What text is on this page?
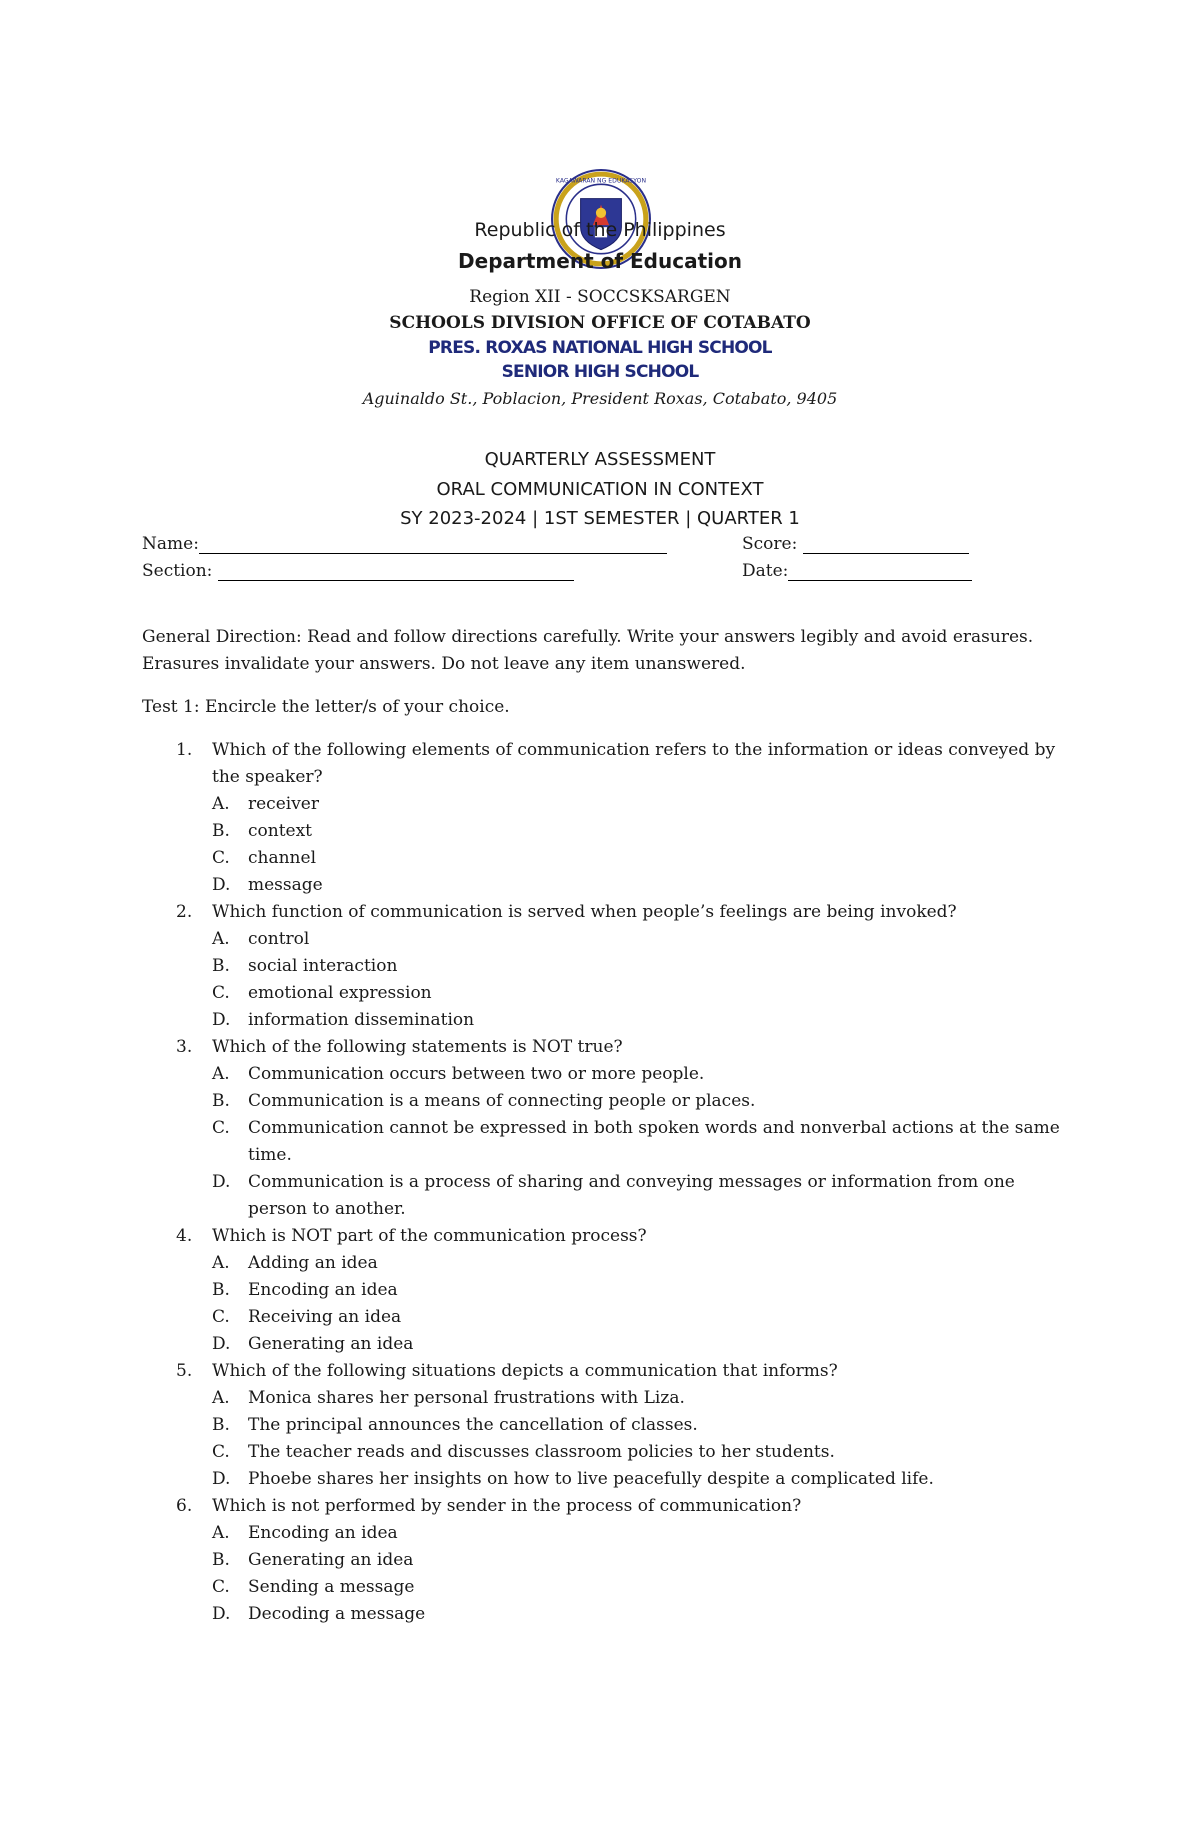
KAGAWARAN NG EDUKASYON
Republic of the Philippines
Department of Education
Region XII - SOCCSKSARGEN
SCHOOLS DIVISION OFFICE OF COTABATO
PRES. ROXAS NATIONAL HIGH SCHOOL
SENIOR HIGH SCHOOL
Aguinaldo St., Poblacion, President Roxas, Cotabato, 9405
QUARTERLY ASSESSMENT
ORAL COMMUNICATION IN CONTEXT
SY 2023-2024 | 1ST SEMESTER | QUARTER 1
Name:	Score:
Section:	Date:

General Direction: Read and follow directions carefully. Write your answers legibly and avoid erasures. Erasures invalidate your answers. Do not leave any item unanswered.

Test 1: Encircle the letter/s of your choice.

1. Which of the following elements of communication refers to the information or ideas conveyed by the speaker?
A. receiver
B. context
C. channel
D. message
2. Which function of communication is served when people’s feelings are being invoked?
A. control
B. social interaction
C. emotional expression
D. information dissemination
3. Which of the following statements is NOT true?
A. Communication occurs between two or more people.
B. Communication is a means of connecting people or places.
C. Communication cannot be expressed in both spoken words and nonverbal actions at the same time.
D. Communication is a process of sharing and conveying messages or information from one person to another.
4. Which is NOT part of the communication process?
A. Adding an idea
B. Encoding an idea
C. Receiving an idea
D. Generating an idea
5. Which of the following situations depicts a communication that informs?
A. Monica shares her personal frustrations with Liza.
B. The principal announces the cancellation of classes.
C. The teacher reads and discusses classroom policies to her students.
D. Phoebe shares her insights on how to live peacefully despite a complicated life.
6. Which is not performed by sender in the process of communication?
A. Encoding an idea
B. Generating an idea
C. Sending a message
D. Decoding a message
